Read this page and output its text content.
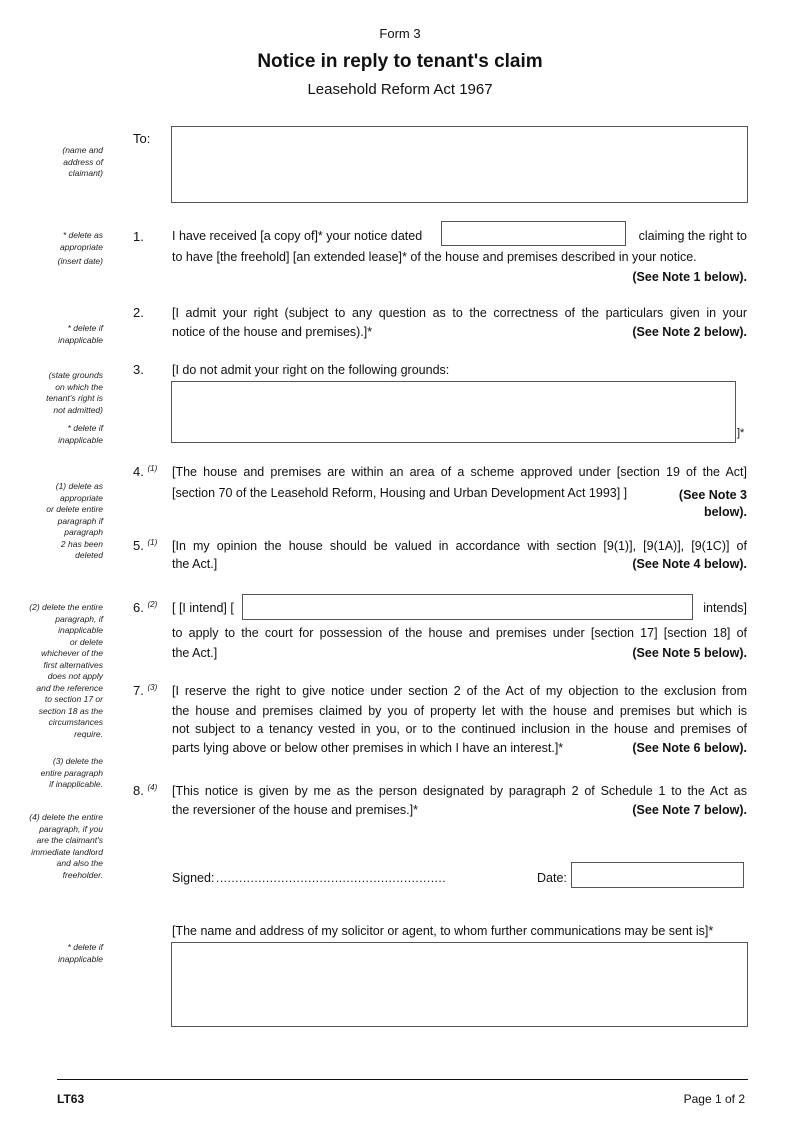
Form 3
Notice in reply to tenant's claim
Leasehold Reform Act 1967
(name and
address of
claimant)
* delete as
appropriate
(insert date)
* delete if
inapplicable
(state grounds
on which the
tenant's right is
not admitted)
* delete if
inapplicable
(1) delete as
appropriate
or delete entire
paragraph if
paragraph
2 has been
deleted
(2) delete the entire
paragraph, if
inapplicable
or delete
whichever of the
first alternatives
does not apply
and the reference
to section 17 or
section 18 as the
circumstances
require.
(3) delete the
entire paragraph
if inapplicable.
(4) delete the entire
paragraph, if you
are the claimant's
immediate landlord
and also the
freeholder.
* delete if
inapplicable
To:
1. I have received [a copy of]* your notice dated	claiming the right to
to have [the freehold] [an extended lease]* of the house and premises described in your notice.
(See Note 1 below).
2. [I admit your right (subject to any question as to the correctness of the particulars given in your
notice of the house and premises).]*	(See Note 2 below).
3. [I do not admit your right on the following grounds:
]*
4. $^{(1)}$ [The house and premises are within an area of a scheme approved under [section 19 of the Act]
[section 70 of the Leasehold Reform, Housing and Urban Development Act 1993] ]	(See Note 3
below).
5. $^{(1)}$ [In my opinion the house should be valued in accordance with section [9(1)], [9(1A)], [9(1C)] of
the Act.]	(See Note 4 below).
6. $^{(2)}$ [ [I intend] [	intends]
to apply to the court for possession of the house and premises under [section 17] [section 18] of
the Act.]	(See Note 5 below).
7. $^{(3)}$ [I reserve the right to give notice under section 2 of the Act of my objection to the exclusion from
the house and premises claimed by you of property let with the house and premises but which is
not subject to a tenancy vested in you, or to the continued inclusion in the house and premises of
parts lying above or below other premises in which I have an interest.]*	(See Note 6 below).
8. $^{(4)}$ [This notice is given by me as the person designated by paragraph 2 of Schedule 1 to the Act as
the reversioner of the house and premises.]*	(See Note 7 below).
Signed: ............................................................	Date:
[The name and address of my solicitor or agent, to whom further communications may be sent is]*
LT63	Page 1 of 2
